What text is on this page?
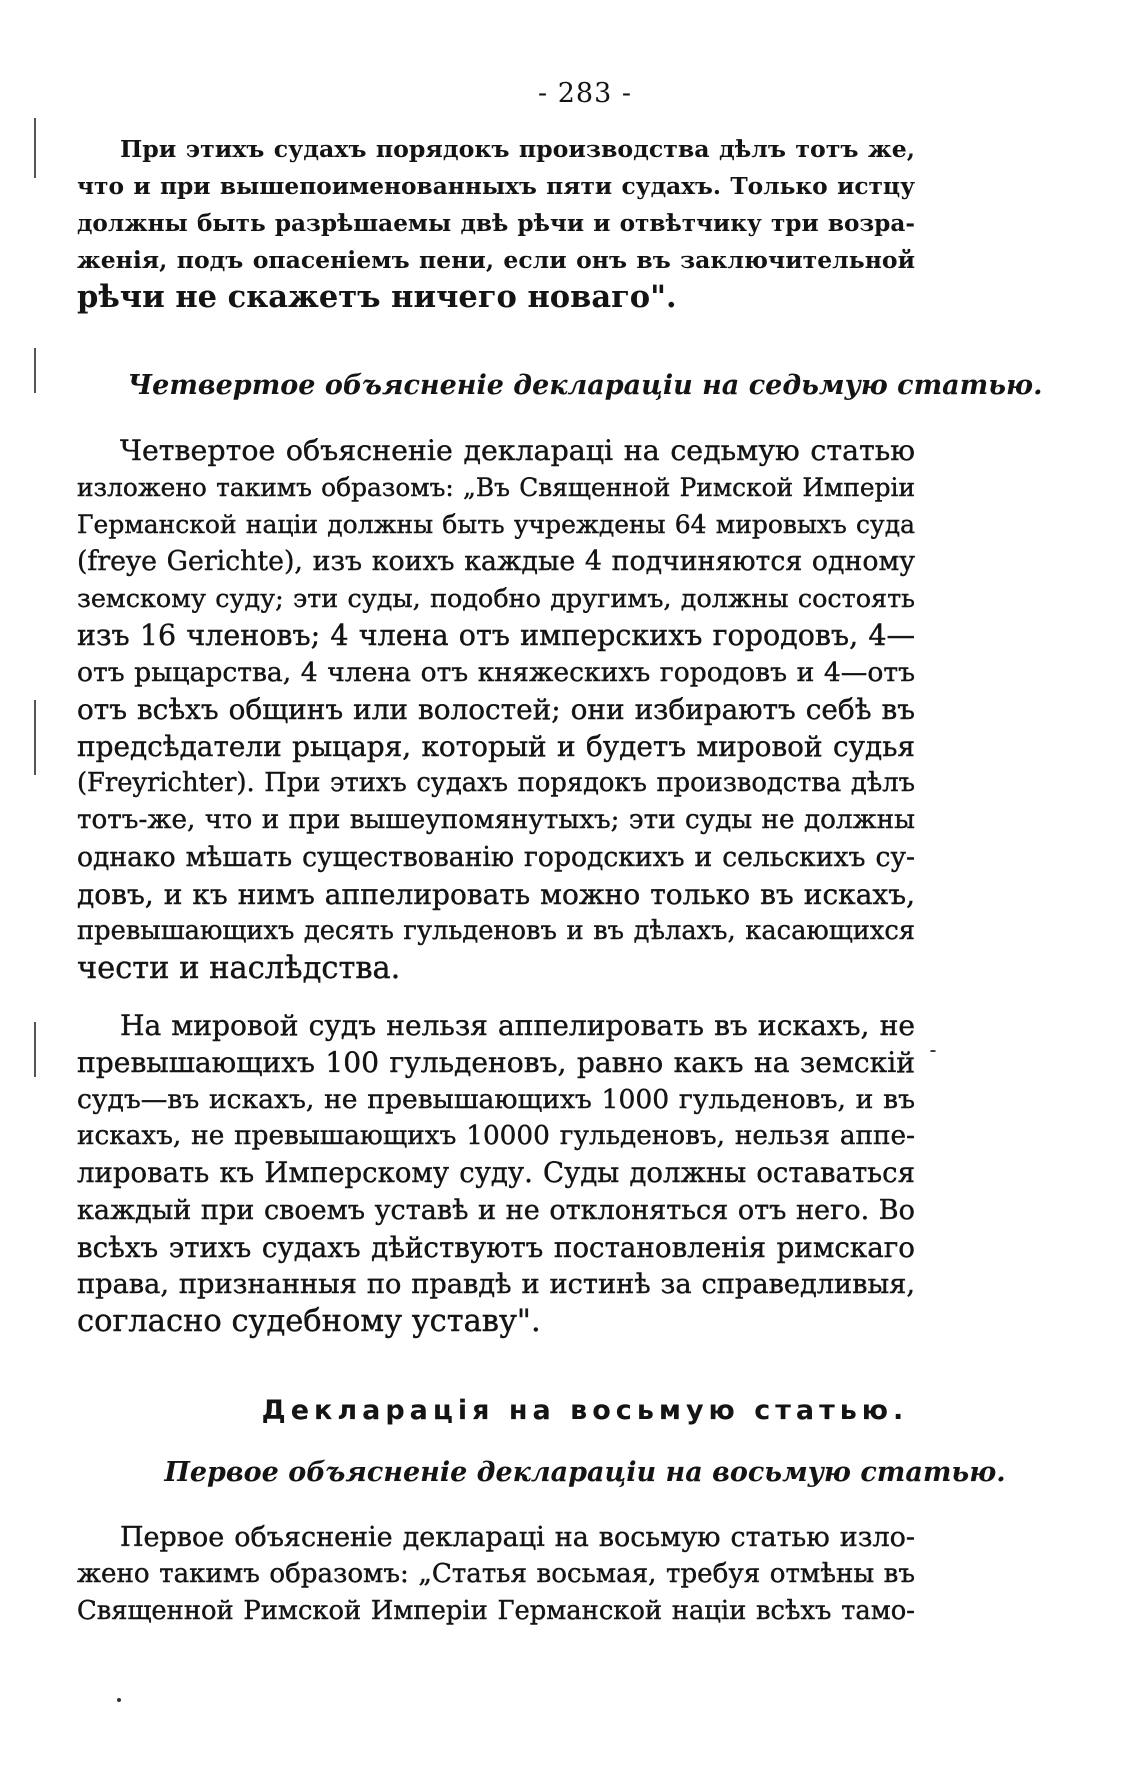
- 283 -
При этихъ судахъ порядокъ производства дѣлъ тотъ же,
что и при вышепоименованныхъ пяти судахъ. Только истцу
должны быть разрѣшаемы двѣ рѣчи и отвѣтчику три возра-
женія, подъ опасеніемъ пени, если онъ въ заключительной
рѣчи не скажетъ ничего новаго".
Четвертое объясненіе деклараціи на седьмую статью.
Четвертое объясненіе деклараці на седьмую статью
изложено такимъ образомъ: „Въ Священной Римской Имперіи
Германской націи должны быть учреждены 64 мировыхъ суда
(freye Gerichte), изъ коихъ каждые 4 подчиняются одному
земскому суду; эти суды, подобно другимъ, должны состоять
изъ 16 членовъ; 4 члена отъ имперскихъ городовъ, 4—
отъ рыцарства, 4 члена отъ княжескихъ городовъ и 4—отъ
отъ всѣхъ общинъ или волостей; они избираютъ себѣ въ
предсѣдатели рыцаря, который и будетъ мировой судья
(Freyrichter). При этихъ судахъ порядокъ производства дѣлъ
тотъ-же, что и при вышеупомянутыхъ; эти суды не должны
однако мѣшать существованію городскихъ и сельскихъ су-
довъ, и къ нимъ аппелировать можно только въ искахъ,
превышающихъ десять гульденовъ и въ дѣлахъ, касающихся
чести и наслѣдства.
На мировой судъ нельзя аппелировать въ искахъ, не
превышающихъ 100 гульденовъ, равно какъ на земскій
судъ—въ искахъ, не превышающихъ 1000 гульденовъ, и въ
искахъ, не превышающихъ 10000 гульденовъ, нельзя аппе-
лировать къ Имперскому суду. Суды должны оставаться
каждый при своемъ уставѣ и не отклоняться отъ него. Во
всѣхъ этихъ судахъ дѣйствуютъ постановленія римскаго
права, признанныя по правдѣ и истинѣ за справедливыя,
согласно судебному уставу".
Декларація на восьмую статью.
Первое объясненіе деклараціи на восьмую статью.
Первое объясненіе деклараці на восьмую статью изло-
жено такимъ образомъ: „Статья восьмая, требуя отмѣны въ
Священной Римской Имперіи Германской націи всѣхъ тамо-
